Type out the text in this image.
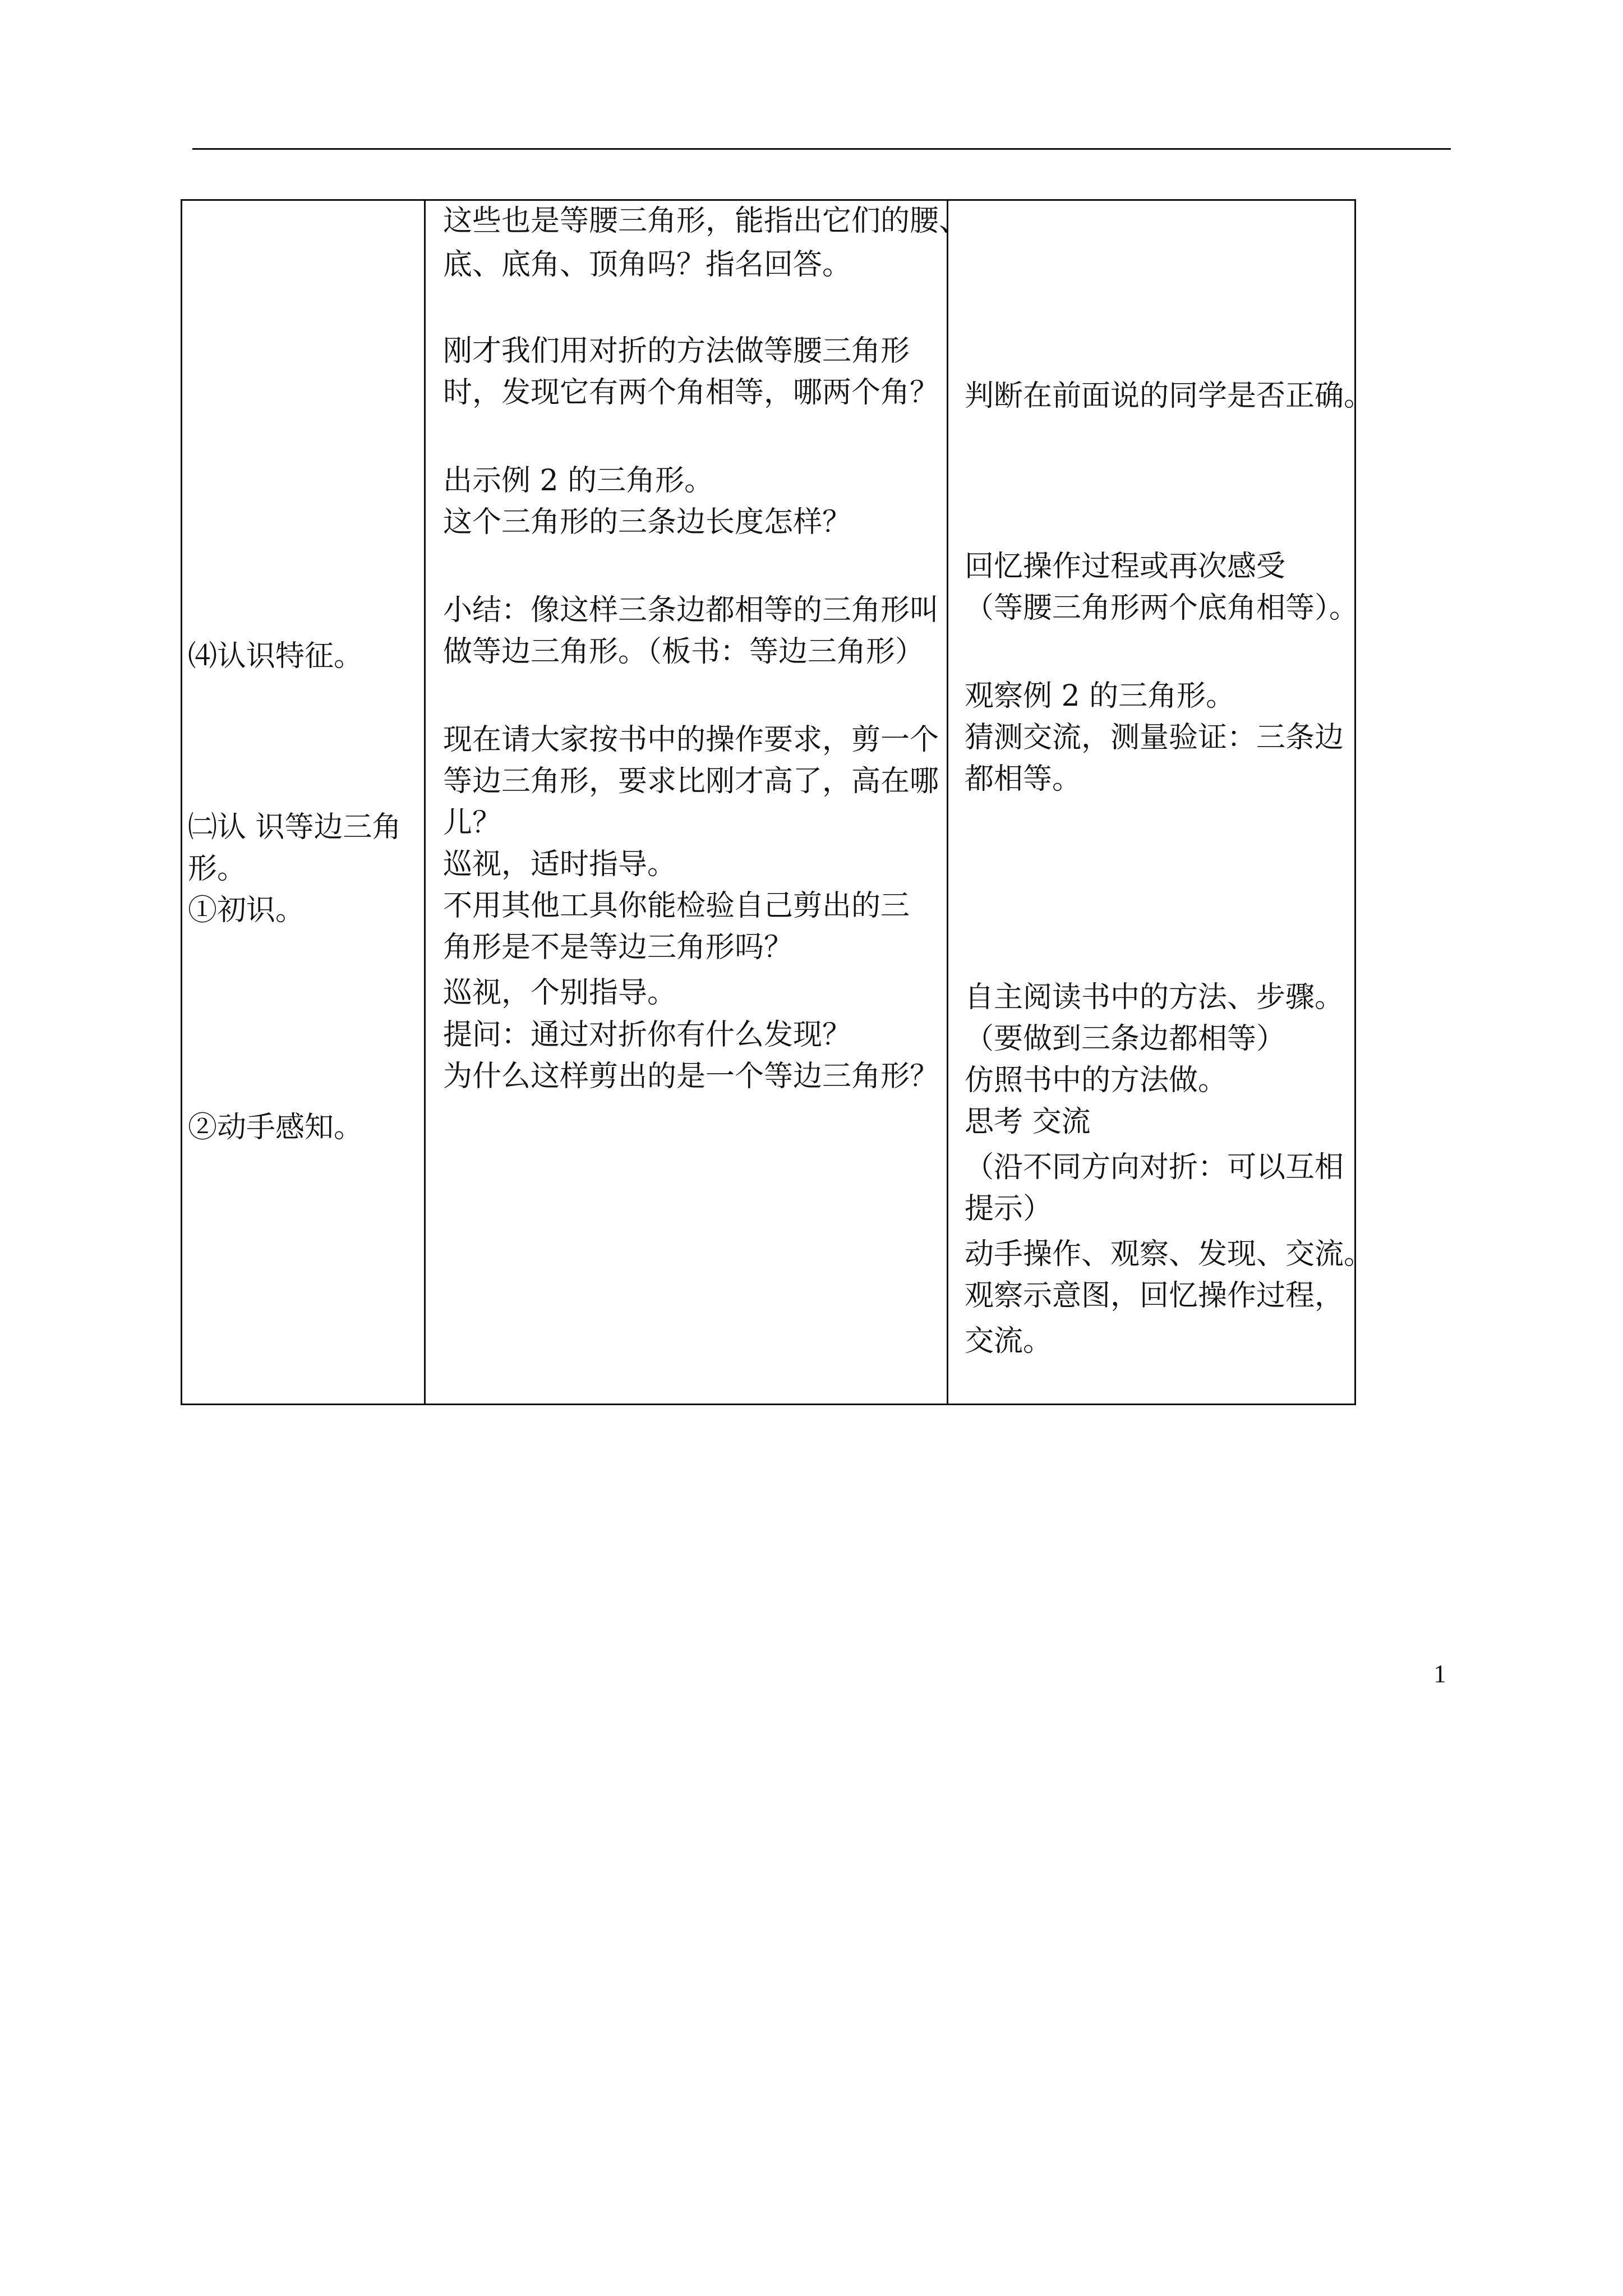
⑷认识特征。
㈡认 识等边三角
形。
①初识。
②动手感知。
这些也是等腰三角形，能指出它们的腰、
底、底角、顶角吗？指名回答。
刚才我们用对折的方法做等腰三角形
时，发现它有两个角相等，哪两个角？
出示例 2 的三角形。
这个三角形的三条边长度怎样？
小结：像这样三条边都相等的三角形叫
做等边三角形。（板书：等边三角形）
现在请大家按书中的操作要求，剪一个
等边三角形，要求比刚才高了，高在哪
儿？
巡视，适时指导。
不用其他工具你能检验自己剪出的三
角形是不是等边三角形吗？
巡视，个别指导。
提问：通过对折你有什么发现？
为什么这样剪出的是一个等边三角形？
判断在前面说的同学是否正确。
回忆操作过程或再次感受
（等腰三角形两个底角相等）。
观察例 2 的三角形。
猜测交流，测量验证：三条边
都相等。
自主阅读书中的方法、步骤。
（要做到三条边都相等）
仿照书中的方法做。
思考 交流
（沿不同方向对折：可以互相
提示）
动手操作、观察、发现、交流。
观察示意图，回忆操作过程，
交流。
1
